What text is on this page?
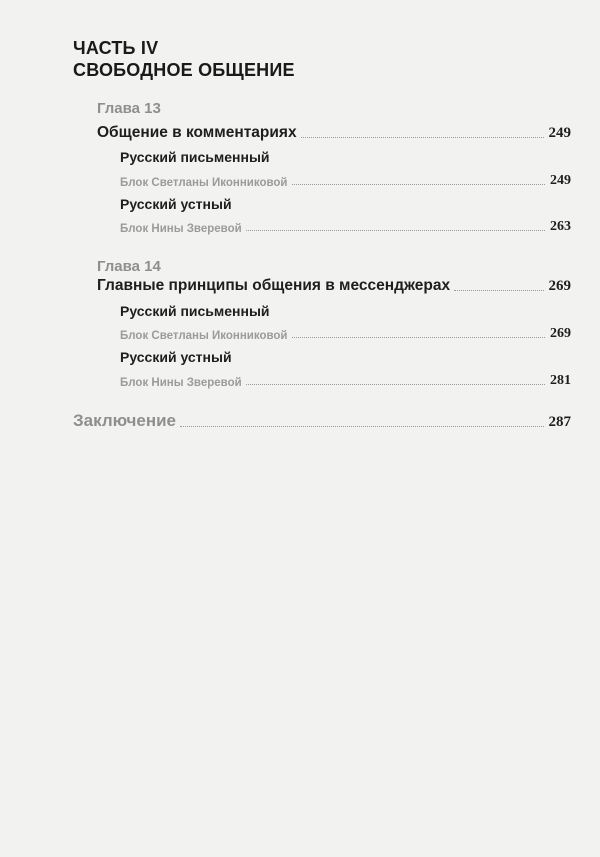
ЧАСТЬ IV
СВОБОДНОЕ ОБЩЕНИЕ
Глава 13
Общение в комментариях	249
Русский письменный
Блок Светланы Иконниковой	249
Русский устный
Блок Нины Зверевой	263
Глава 14
Главные принципы общения в мессенджерах	269
Русский письменный
Блок Светланы Иконниковой	269
Русский устный
Блок Нины Зверевой	281
Заключение	287
